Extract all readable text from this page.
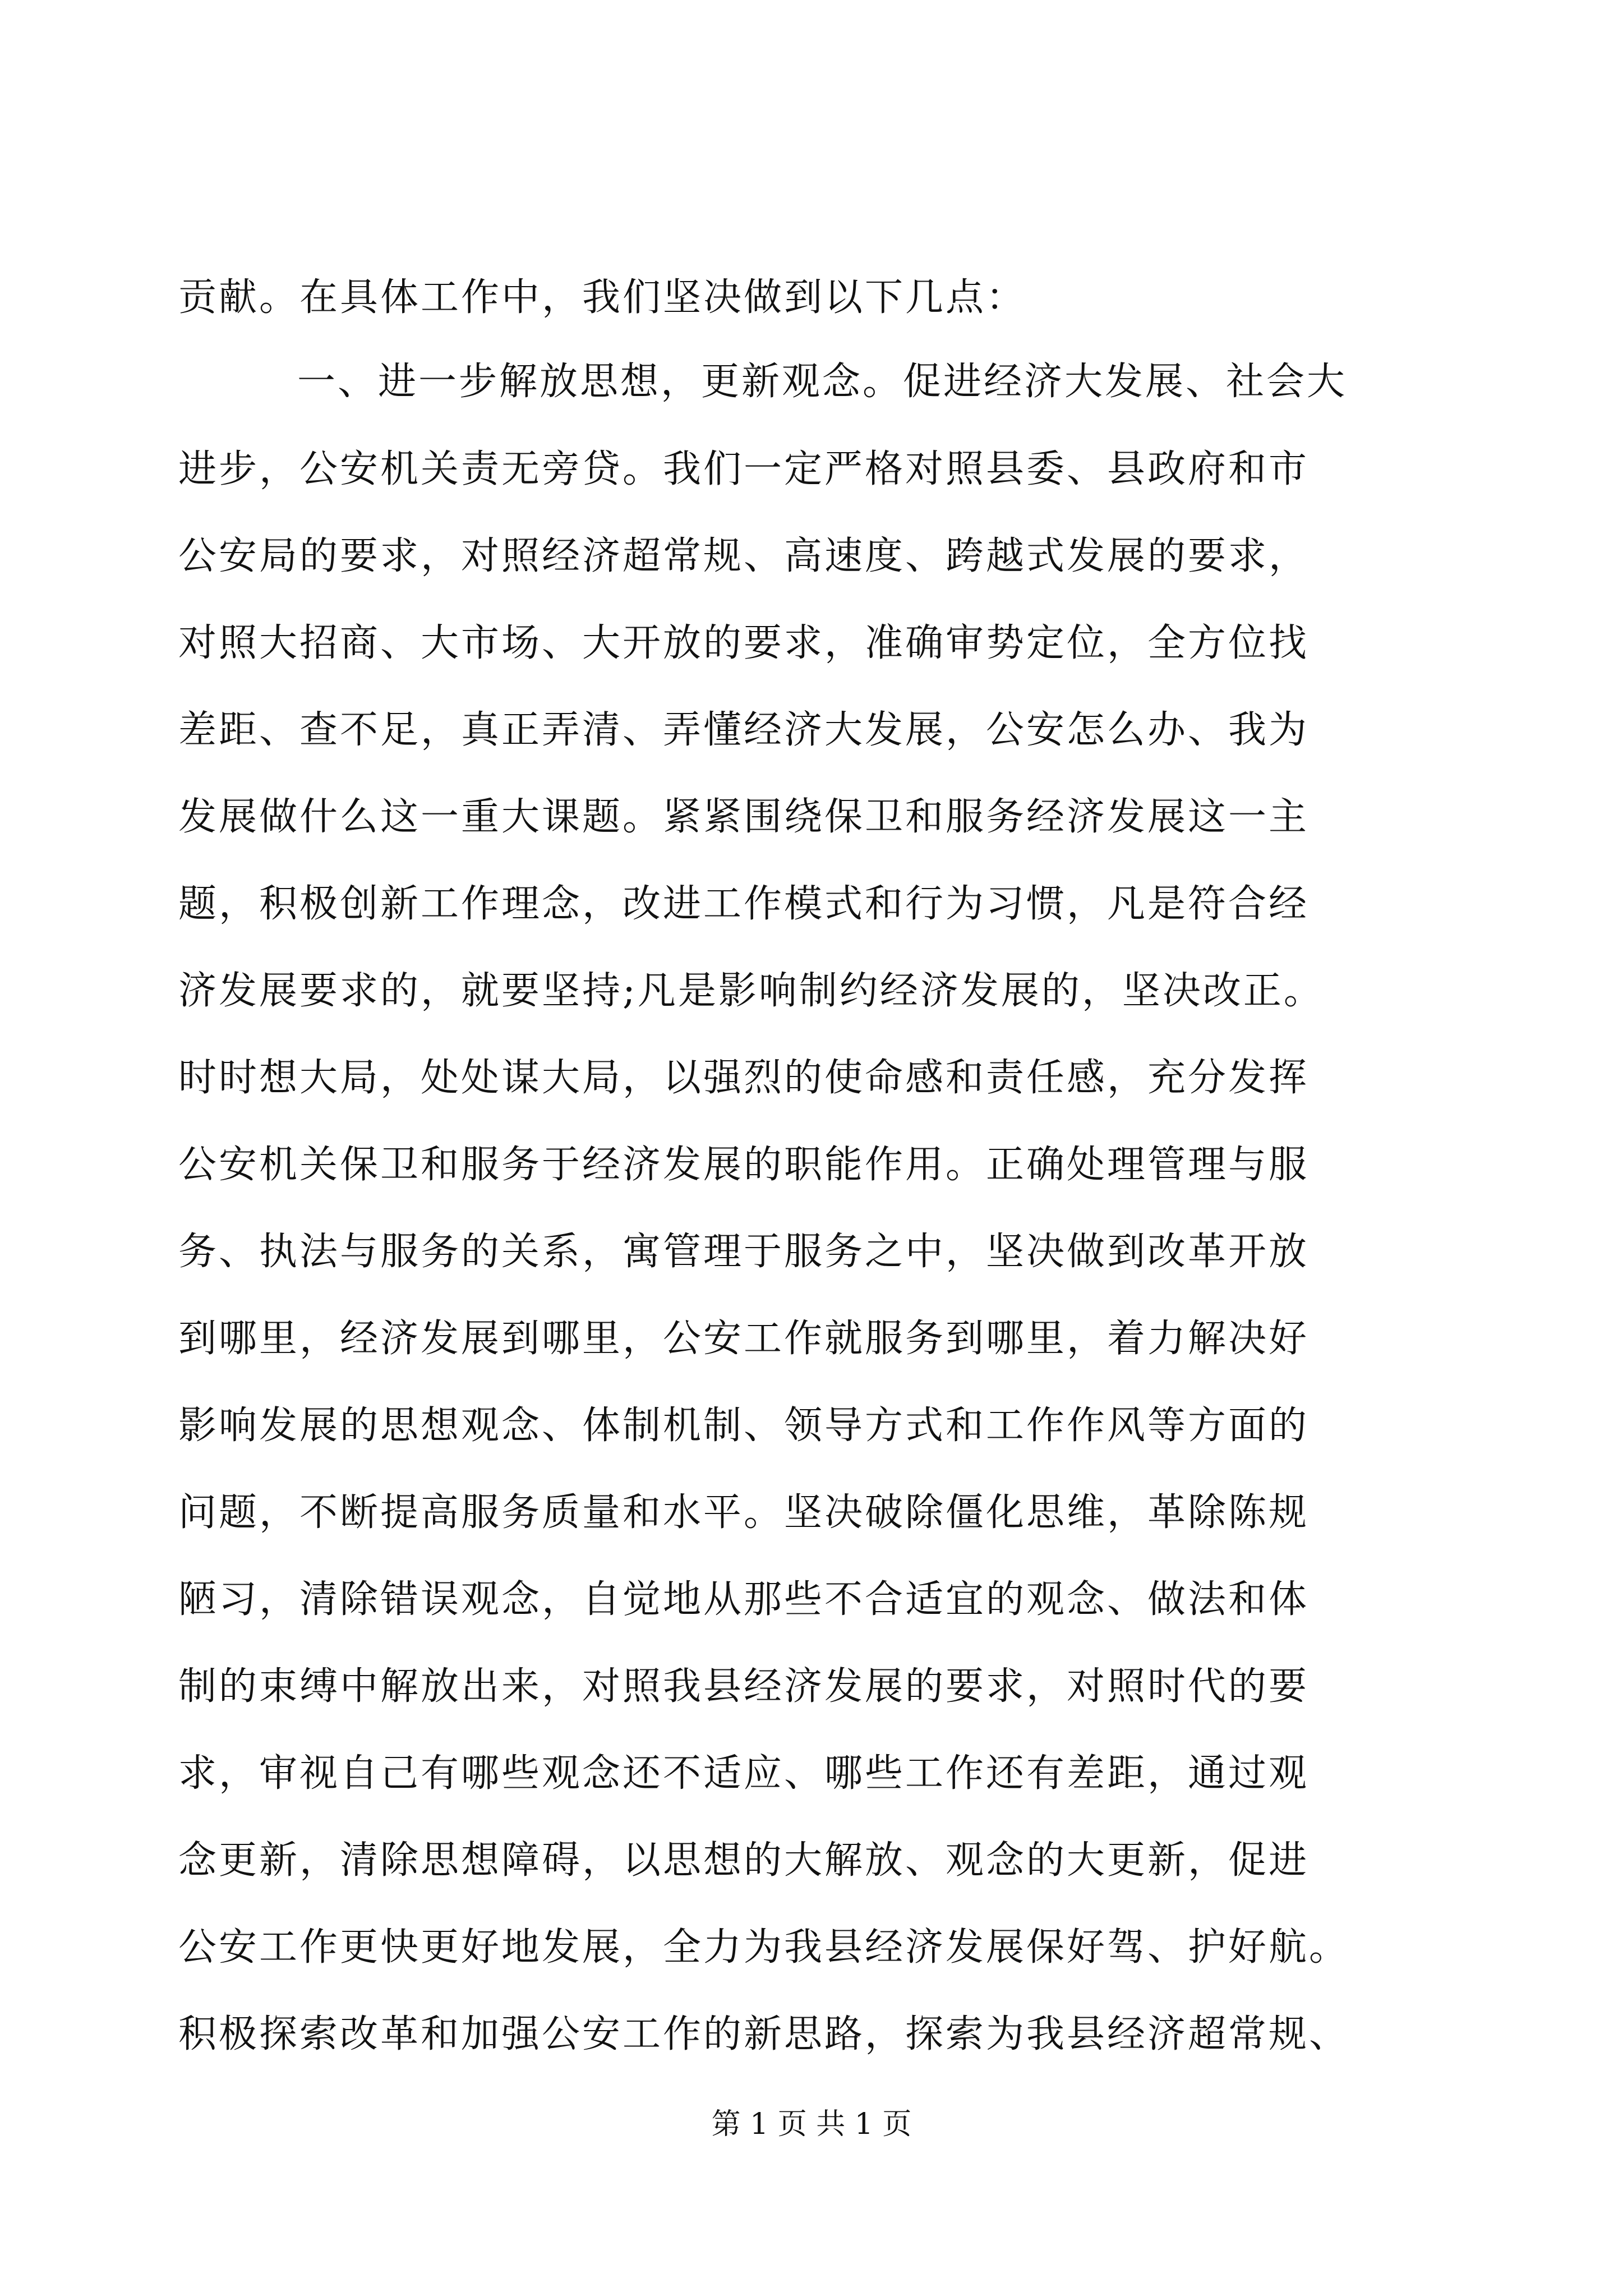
贡献。在具体工作中，我们坚决做到以下几点：
一、进一步解放思想，更新观念。促进经济大发展、社会大
进步，公安机关责无旁贷。我们一定严格对照县委、县政府和市
公安局的要求，对照经济超常规、高速度、跨越式发展的要求，
对照大招商、大市场、大开放的要求，准确审势定位，全方位找
差距、查不足，真正弄清、弄懂经济大发展，公安怎么办、我为
发展做什么这一重大课题。紧紧围绕保卫和服务经济发展这一主
题，积极创新工作理念，改进工作模式和行为习惯，凡是符合经
济发展要求的，就要坚持;凡是影响制约经济发展的，坚决改正。
时时想大局，处处谋大局，以强烈的使命感和责任感，充分发挥
公安机关保卫和服务于经济发展的职能作用。正确处理管理与服
务、执法与服务的关系，寓管理于服务之中，坚决做到改革开放
到哪里，经济发展到哪里，公安工作就服务到哪里，着力解决好
影响发展的思想观念、体制机制、领导方式和工作作风等方面的
问题，不断提高服务质量和水平。坚决破除僵化思维，革除陈规
陋习，清除错误观念，自觉地从那些不合适宜的观念、做法和体
制的束缚中解放出来，对照我县经济发展的要求，对照时代的要
求，审视自己有哪些观念还不适应、哪些工作还有差距，通过观
念更新，清除思想障碍，以思想的大解放、观念的大更新，促进
公安工作更快更好地发展，全力为我县经济发展保好驾、护好航。
积极探索改革和加强公安工作的新思路，探索为我县经济超常规、
第 1 页 共 1 页
